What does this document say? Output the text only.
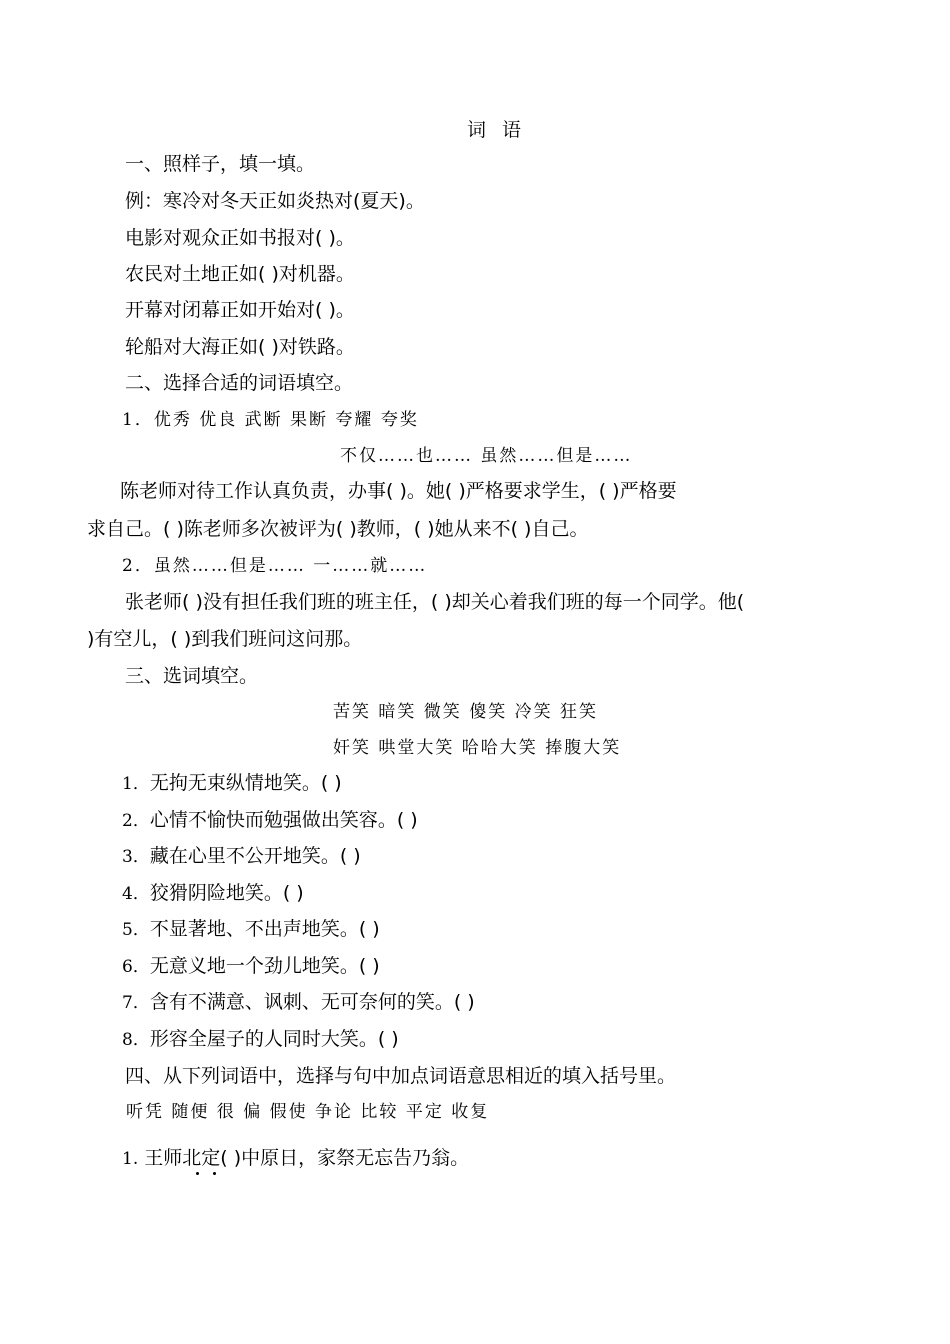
词语
一、照样子，填一填。
例：寒冷对冬天正如炎热对(夏天)。
电影对观众正如书报对( )。
农民对土地正如( )对机器。
开幕对闭幕正如开始对( )。
轮船对大海正如( )对铁路。
二、选择合适的词语填空。
1．优秀 优良 武断 果断 夸耀 夸奖
不仅……也…… 虽然……但是……
陈老师对待工作认真负责，办事( )。她( )严格要求学生，( )严格要
求自己。( )陈老师多次被评为( )教师，( )她从来不( )自己。
2．虽然……但是…… 一……就……
张老师( )没有担任我们班的班主任，( )却关心着我们班的每一个同学。他(
)有空儿，( )到我们班问这问那。
三、选词填空。
苦笑 暗笑 微笑 傻笑 冷笑 狂笑
奸笑 哄堂大笑 哈哈大笑 捧腹大笑
1．无拘无束纵情地笑。( )
2．心情不愉快而勉强做出笑容。( )
3．藏在心里不公开地笑。( )
4．狡猾阴险地笑。( )
5．不显著地、不出声地笑。( )
6．无意义地一个劲儿地笑。( )
7．含有不满意、讽刺、无可奈何的笑。( )
8．形容全屋子的人同时大笑。( )
四、从下列词语中，选择与句中加点词语意思相近的填入括号里。
听凭 随便 很 偏 假使 争论 比较 平定 收复
1. 王师北定( )中原日，家祭无忘告乃翁。
